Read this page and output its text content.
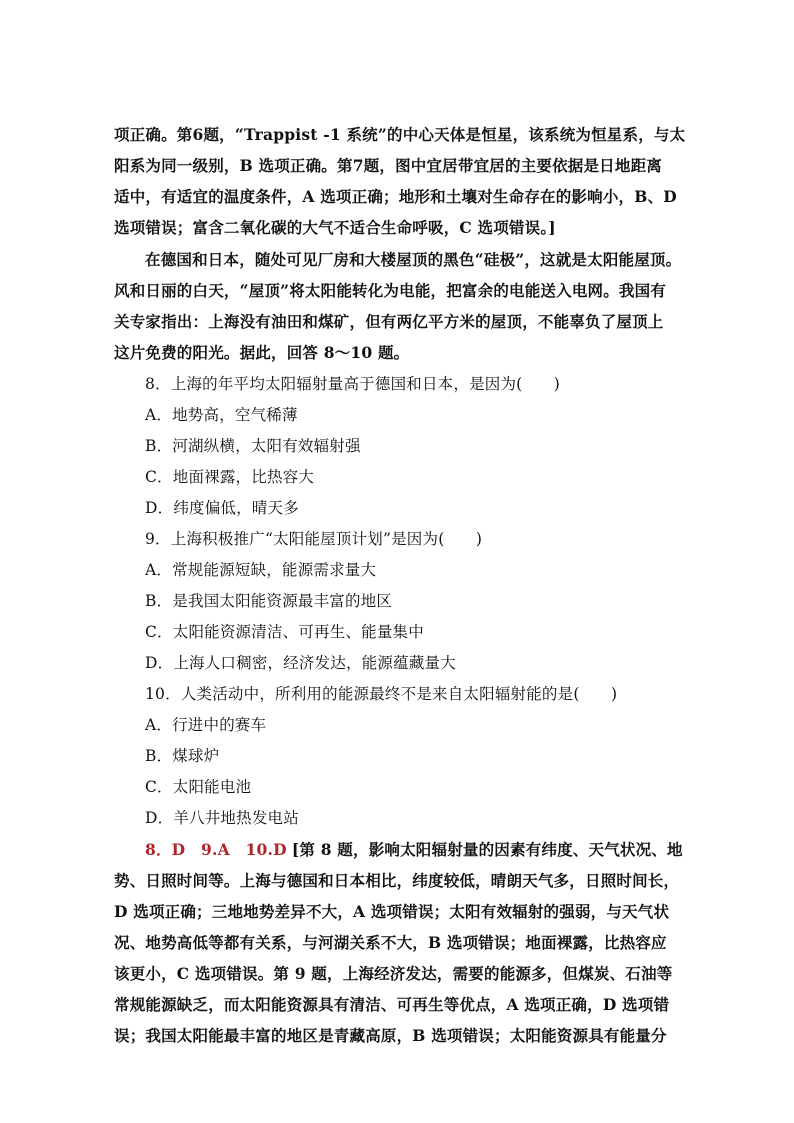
项正确。第6题，“Trappist -1 系统”的中心天体是恒星，该系统为恒星系，与太
阳系为同一级别，B 选项正确。第7题，图中宜居带宜居的主要依据是日地距离
适中，有适宜的温度条件，A 选项正确；地形和土壤对生命存在的影响小，B、D
选项错误；富含二氧化碳的大气不适合生命呼吸，C 选项错误。]
在德国和日本，随处可见厂房和大楼屋顶的黑色“硅极”，这就是太阳能屋顶。
风和日丽的白天，“屋顶”将太阳能转化为电能，把富余的电能送入电网。我国有
关专家指出：上海没有油田和煤矿，但有两亿平方米的屋顶，不能辜负了屋顶上
这片免费的阳光。据此，回答 8～10 题。
8．上海的年平均太阳辐射量高于德国和日本，是因为(　　)
A．地势高，空气稀薄
B．河湖纵横，太阳有效辐射强
C．地面裸露，比热容大
D．纬度偏低，晴天多
9．上海积极推广“太阳能屋顶计划”是因为(　　)
A．常规能源短缺，能源需求量大
B．是我国太阳能资源最丰富的地区
C．太阳能资源清洁、可再生、能量集中
D．上海人口稠密，经济发达，能源蕴藏量大
10．人类活动中，所利用的能源最终不是来自太阳辐射能的是(　　)
A．行进中的赛车
B．煤球炉
C．太阳能电池
D．羊八井地热发电站
8．D　9.A　10.D [第 8 题，影响太阳辐射量的因素有纬度、天气状况、地
势、日照时间等。上海与德国和日本相比，纬度较低，晴朗天气多，日照时间长，
D 选项正确；三地地势差异不大，A 选项错误；太阳有效辐射的强弱，与天气状
况、地势高低等都有关系，与河湖关系不大，B 选项错误；地面裸露，比热容应
该更小，C 选项错误。第 9 题，上海经济发达，需要的能源多，但煤炭、石油等
常规能源缺乏，而太阳能资源具有清洁、可再生等优点，A 选项正确，D 选项错
误；我国太阳能最丰富的地区是青藏高原，B 选项错误；太阳能资源具有能量分
